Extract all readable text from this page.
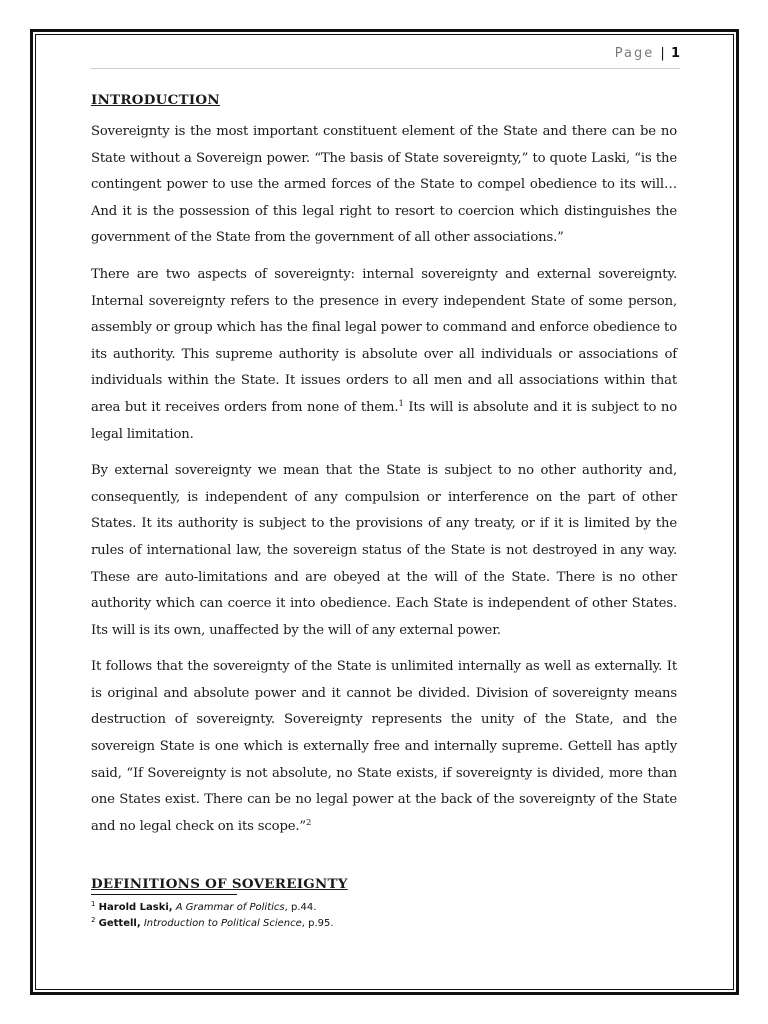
Page | 1
INTRODUCTION

Sovereignty is the most important constituent element of the State and there can be no State without a Sovereign power. “The basis of State sovereignty,” to quote Laski, “is the contingent power to use the armed forces of the State to compel obedience to its will…And it is the possession of this legal right to resort to coercion which distinguishes the government of the State from the government of all other associations.”

There are two aspects of sovereignty: internal sovereignty and external sovereignty. Internal sovereignty refers to the presence in every independent State of some person, assembly or group which has the final legal power to command and enforce obedience to its authority. This supreme authority is absolute over all individuals or associations of individuals within the State. It issues orders to all men and all associations within that area but it receives orders from none of them.$^1$ Its will is absolute and it is subject to no legal limitation.

By external sovereignty we mean that the State is subject to no other authority and, consequently, is independent of any compulsion or interference on the part of other States. It its authority is subject to the provisions of any treaty, or if it is limited by the rules of international law, the sovereign status of the State is not destroyed in any way. These are auto-limitations and are obeyed at the will of the State. There is no other authority which can coerce it into obedience. Each State is independent of other States. Its will is its own, unaffected by the will of any external power.

It follows that the sovereignty of the State is unlimited internally as well as externally. It is original and absolute power and it cannot be divided. Division of sovereignty means destruction of sovereignty. Sovereignty represents the unity of the State, and the sovereign State is one which is externally free and internally supreme. Gettell has aptly said, “If Sovereignty is not absolute, no State exists, if sovereignty is divided, more than one States exist. There can be no legal power at the back of the sovereignty of the State and no legal check on its scope.”$^2$

DEFINITIONS OF SOVEREIGNTY
$^1$ Harold Laski, A Grammar of Politics, p.44.
$^2$ Gettell, Introduction to Political Science, p.95.
